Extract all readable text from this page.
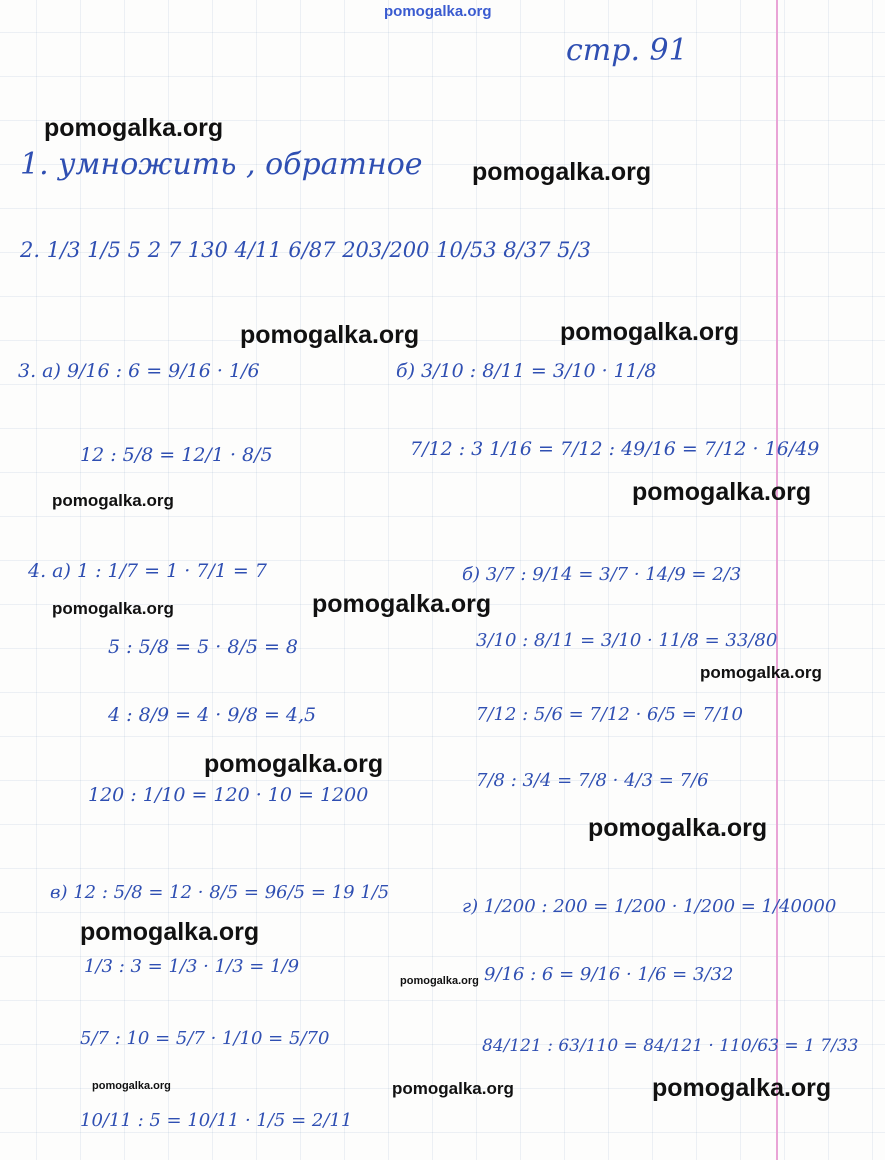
pomogalka.org
pomogalka.org
pomogalka.org
pomogalka.org	pomogalka.org
pomogalka.org	pomogalka.org
pomogalka.org	pomogalka.org
pomogalka.org
pomogalka.org
pomogalka.org
pomogalka.org
pomogalka.org
pomogalka.org	pomogalka.org	pomogalka.org
стр. 91
1. умножить , обратное
2. 1/3 1/5 5 2 7 130 4/11 6/87 203/200 10/53 8/37 5/3
3. а) 9/16 : 6 = 9/16 · 1/6
12 : 5/8 = 12/1 · 8/5
б) 3/10 : 8/11 = 3/10 · 11/8
7/12 : 3 1/16 = 7/12 : 49/16 = 7/12 · 16/49
4. а) 1 : 1/7 = 1 · 7/1 = 7
5 : 5/8 = 5 · 8/5 = 8
4 : 8/9 = 4 · 9/8 = 4,5
120 : 1/10 = 120 · 10 = 1200
б) 3/7 : 9/14 = 3/7 · 14/9 = 2/3
3/10 : 8/11 = 3/10 · 11/8 = 33/80
7/12 : 5/6 = 7/12 · 6/5 = 7/10
7/8 : 3/4 = 7/8 · 4/3 = 7/6
в) 12 : 5/8 = 12 · 8/5 = 96/5 = 19 1/5
1/3 : 3 = 1/3 · 1/3 = 1/9
5/7 : 10 = 5/7 · 1/10 = 5/70
10/11 : 5 = 10/11 · 1/5 = 2/11
г) 1/200 : 200 = 1/200 · 1/200 = 1/40000
9/16 : 6 = 9/16 · 1/6 = 3/32
84/121 : 63/110 = 84/121 · 110/63 = 1 7/33
